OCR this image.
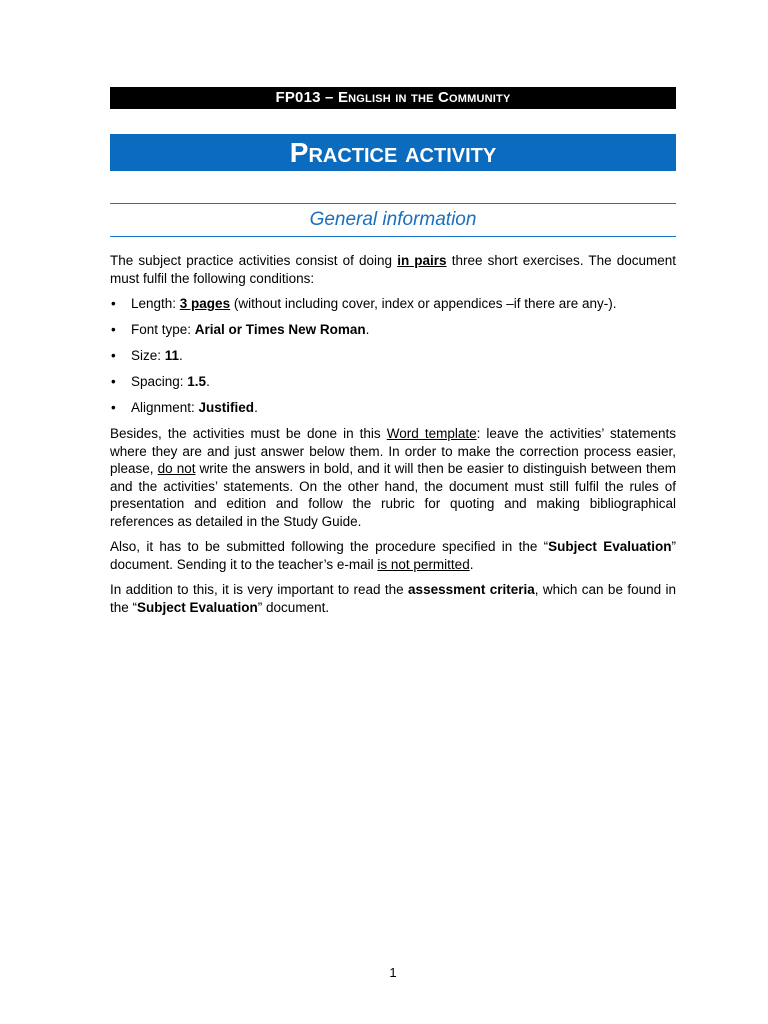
FP013 – English in the Community
Practice activity
General information

The subject practice activities consist of doing in pairs three short exercises. The document must fulfil the following conditions:

• Length: 3 pages (without including cover, index or appendices –if there are any-).
• Font type: Arial or Times New Roman.
• Size: 11.
• Spacing: 1.5.
• Alignment: Justified.

Besides, the activities must be done in this Word template: leave the activities’ statements where they are and just answer below them. In order to make the correction process easier, please, do not write the answers in bold, and it will then be easier to distinguish between them and the activities’ statements. On the other hand, the document must still fulfil the rules of presentation and edition and follow the rubric for quoting and making bibliographical references as detailed in the Study Guide.

Also, it has to be submitted following the procedure specified in the “Subject Evaluation” document. Sending it to the teacher’s e-mail is not permitted.

In addition to this, it is very important to read the assessment criteria, which can be found in the “Subject Evaluation” document.

1
